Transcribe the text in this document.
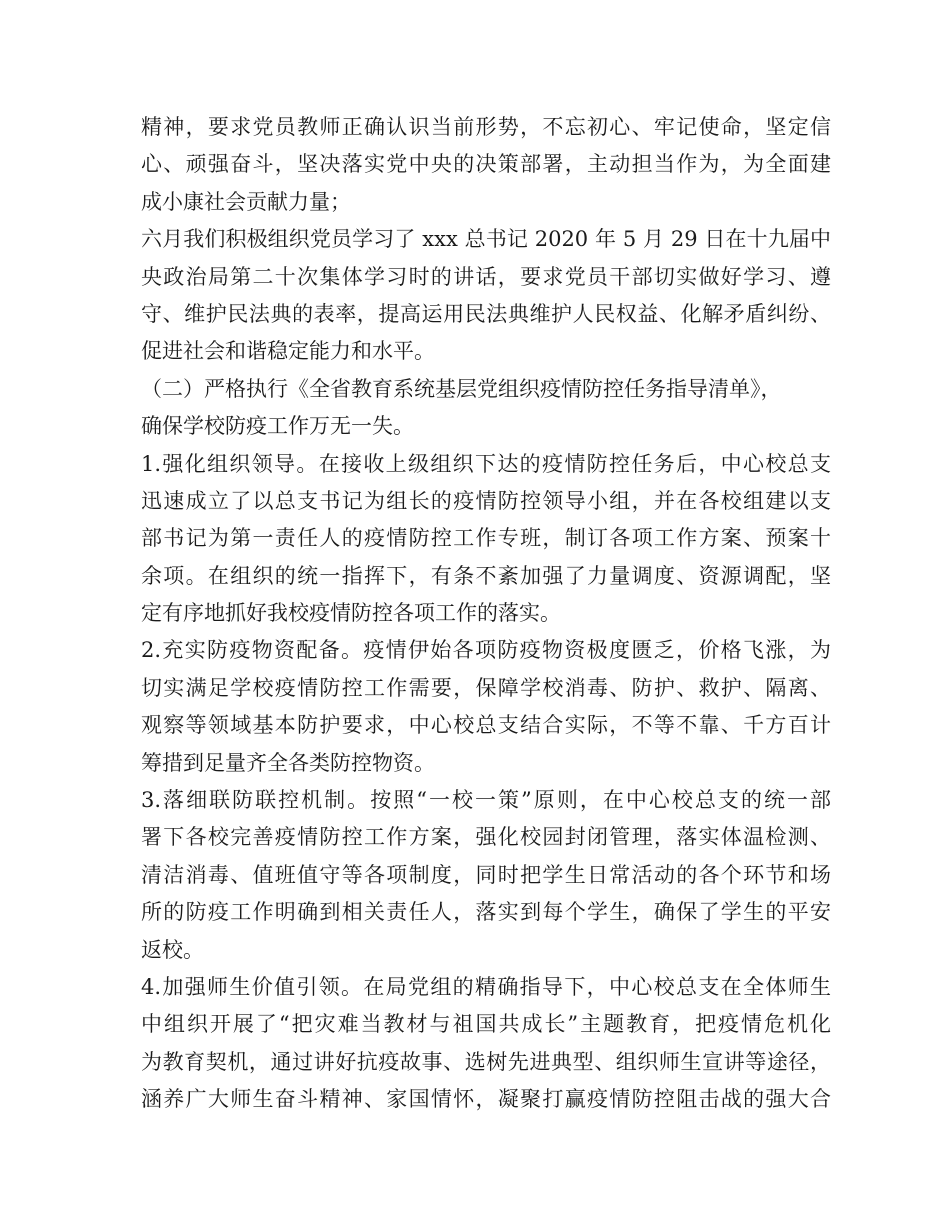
精神，要求党员教师正确认识当前形势，不忘初心、牢记使命，坚定信
心、顽强奋斗，坚决落实党中央的决策部署，主动担当作为，为全面建
成小康社会贡献力量；
六月我们积极组织党员学习了 xxx 总书记 2020 年 5 月 29 日在十九届中
央政治局第二十次集体学习时的讲话，要求党员干部切实做好学习、遵
守、维护民法典的表率，提高运用民法典维护人民权益、化解矛盾纠纷、
促进社会和谐稳定能力和水平。
（二）严格执行《全省教育系统基层党组织疫情防控任务指导清单》，
确保学校防疫工作万无一失。
1.强化组织领导。在接收上级组织下达的疫情防控任务后，中心校总支
迅速成立了以总支书记为组长的疫情防控领导小组，并在各校组建以支
部书记为第一责任人的疫情防控工作专班，制订各项工作方案、预案十
余项。在组织的统一指挥下，有条不紊加强了力量调度、资源调配，坚
定有序地抓好我校疫情防控各项工作的落实。
2.充实防疫物资配备。疫情伊始各项防疫物资极度匮乏，价格飞涨，为
切实满足学校疫情防控工作需要，保障学校消毒、防护、救护、隔离、
观察等领域基本防护要求，中心校总支结合实际，不等不靠、千方百计
筹措到足量齐全各类防控物资。
3.落细联防联控机制。按照“一校一策”原则，在中心校总支的统一部
署下各校完善疫情防控工作方案，强化校园封闭管理，落实体温检测、
清洁消毒、值班值守等各项制度，同时把学生日常活动的各个环节和场
所的防疫工作明确到相关责任人，落实到每个学生，确保了学生的平安
返校。
4.加强师生价值引领。在局党组的精确指导下，中心校总支在全体师生
中组织开展了“把灾难当教材与祖国共成长”主题教育，把疫情危机化
为教育契机，通过讲好抗疫故事、选树先进典型、组织师生宣讲等途径，
涵养广大师生奋斗精神、家国情怀，凝聚打赢疫情防控阻击战的强大合
